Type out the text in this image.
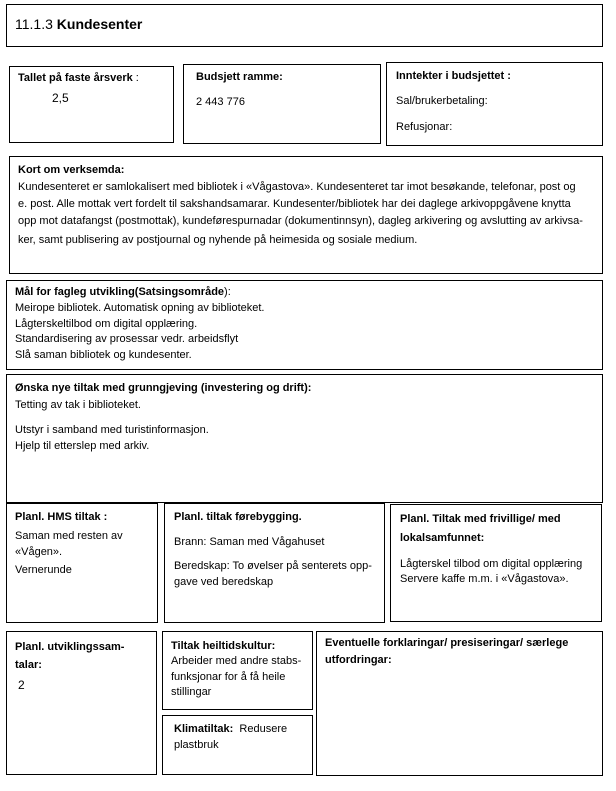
11.1.3 Kundesenter
Tallet på faste årsverk :
2,5
Budsjett ramme:
2 443 776
Inntekter i budsjettet :
Sal/brukerbetaling:
Refusjonar:
Kort om verksemda:
Kundesenteret er samlokalisert med bibliotek i «Vågastova». Kundesenteret tar imot besøkande, telefonar, post og
e. post. Alle mottak vert fordelt til sakshandsamarar. Kundesenter/bibliotek har dei daglege arkivoppgåvene knytta
opp mot datafangst (postmottak), kundeførespurnadar (dokumentinnsyn), dagleg arkivering og avslutting av arkivsa-
ker, samt publisering av postjournal og nyhende på heimesida og sosiale medium.
Mål for fagleg utvikling(Satsingsområde):
Meirope bibliotek. Automatisk opning av biblioteket.
Lågterskeltilbod om digital opplæring.
Standardisering av prosessar vedr. arbeidsflyt
Slå saman bibliotek og kundesenter.
Ønska nye tiltak med grunngjeving (investering og drift):
Tetting av tak i biblioteket.
Utstyr i samband med turistinformasjon.
Hjelp til etterslep med arkiv.
Planl. HMS tiltak :
Saman med resten av
«Vågen».
Vernerunde
Planl. tiltak førebygging.
Brann: Saman med Vågahuset
Beredskap: To øvelser på senterets opp-
gave ved beredskap
Planl. Tiltak med frivillige/ med
lokalsamfunnet:
Lågterskel tilbod om digital opplæring
Servere kaffe m.m. i «Vågastova».
Planl. utviklingssam-
talar:
2
Tiltak heiltidskultur:
Arbeider med andre stabs-
funksjonar for å få heile
stillingar
Klimatiltak: Redusere
plastbruk
Eventuelle forklaringar/ presiseringar/ særlege
utfordringar:
